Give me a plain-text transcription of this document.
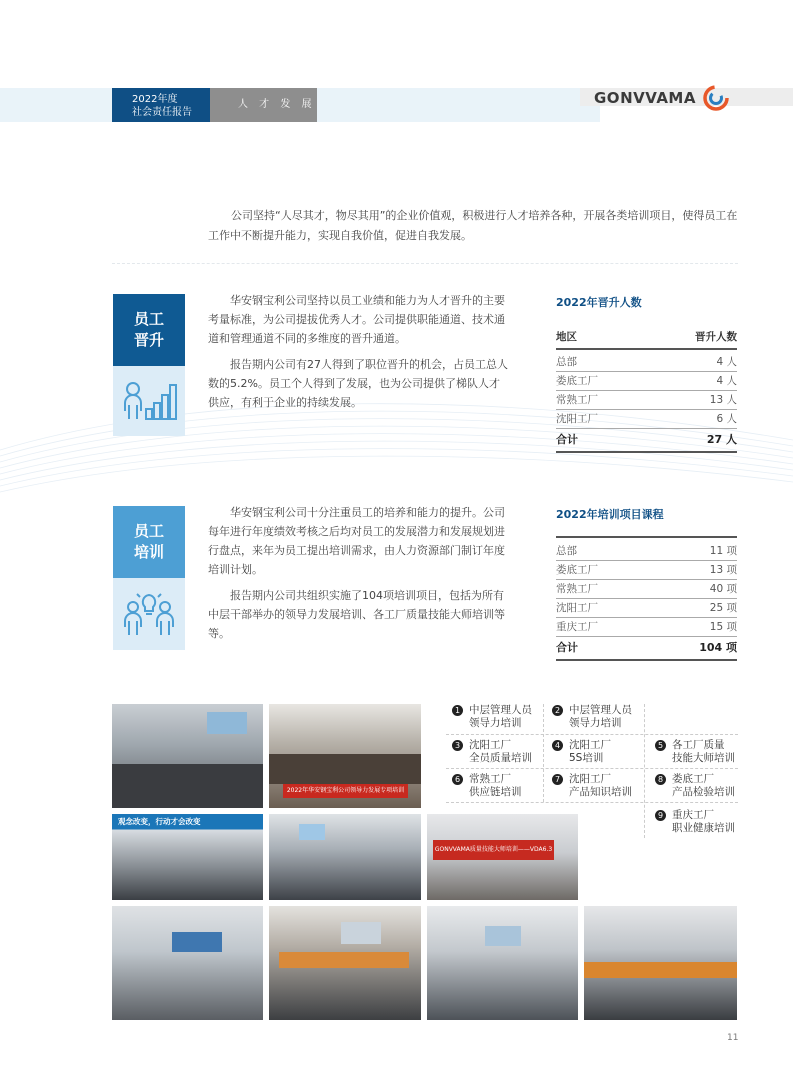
2022年度
社会责任报告
人 才 发 展	GONVVAMA
公司坚持“人尽其才，物尽其用”的企业价值观，积极进行人才培养各种，开展各类培训项目，使得员工在工作中不断提升能力，实现自我价值，促进自我发展。
员工
晋升

华安钢宝利公司坚持以员工业绩和能力为人才晋升的主要考量标准，为公司提拔优秀人才。公司提供职能通道、技术通道和管理通道不同的多维度的晋升通道。

报告期内公司有27人得到了职位晋升的机会，占员工总人数的5.2%。员工个人得到了发展，也为公司提供了梯队人才供应，有利于企业的持续发展。

2022年晋升人数
地区	晋升人数
总部	4 人
娄底工厂	4 人
常熟工厂	13 人
沈阳工厂	6 人
合计	27 人
员工
培训

华安钢宝利公司十分注重员工的培养和能力的提升。公司每年进行年度绩效考核之后均对员工的发展潜力和发展规划进行盘点，来年为员工提出培训需求，由人力资源部门制订年度培训计划。

报告期内公司共组织实施了104项培训项目，包括为所有中层干部举办的领导力发展培训、各工厂质量技能大师培训等等。

2022年培训项目课程
总部	11 项
娄底工厂	13 项
常熟工厂	40 项
沈阳工厂	25 项
重庆工厂	15 项
合计	104 项
2022年华安钢宝利公司领导力发展专项培训
观念改变，行动才会改变
GONVVAMA质量技能大师培训——VDA6.3
1 中层管理人员
领导力培训
2 中层管理人员
领导力培训
3 沈阳工厂
全员质量培训
4 沈阳工厂
5S培训
5 各工厂质量
技能大师培训
6 常熟工厂
供应链培训
7 沈阳工厂
产品知识培训
8 娄底工厂
产品检验培训
9 重庆工厂
职业健康培训
11
